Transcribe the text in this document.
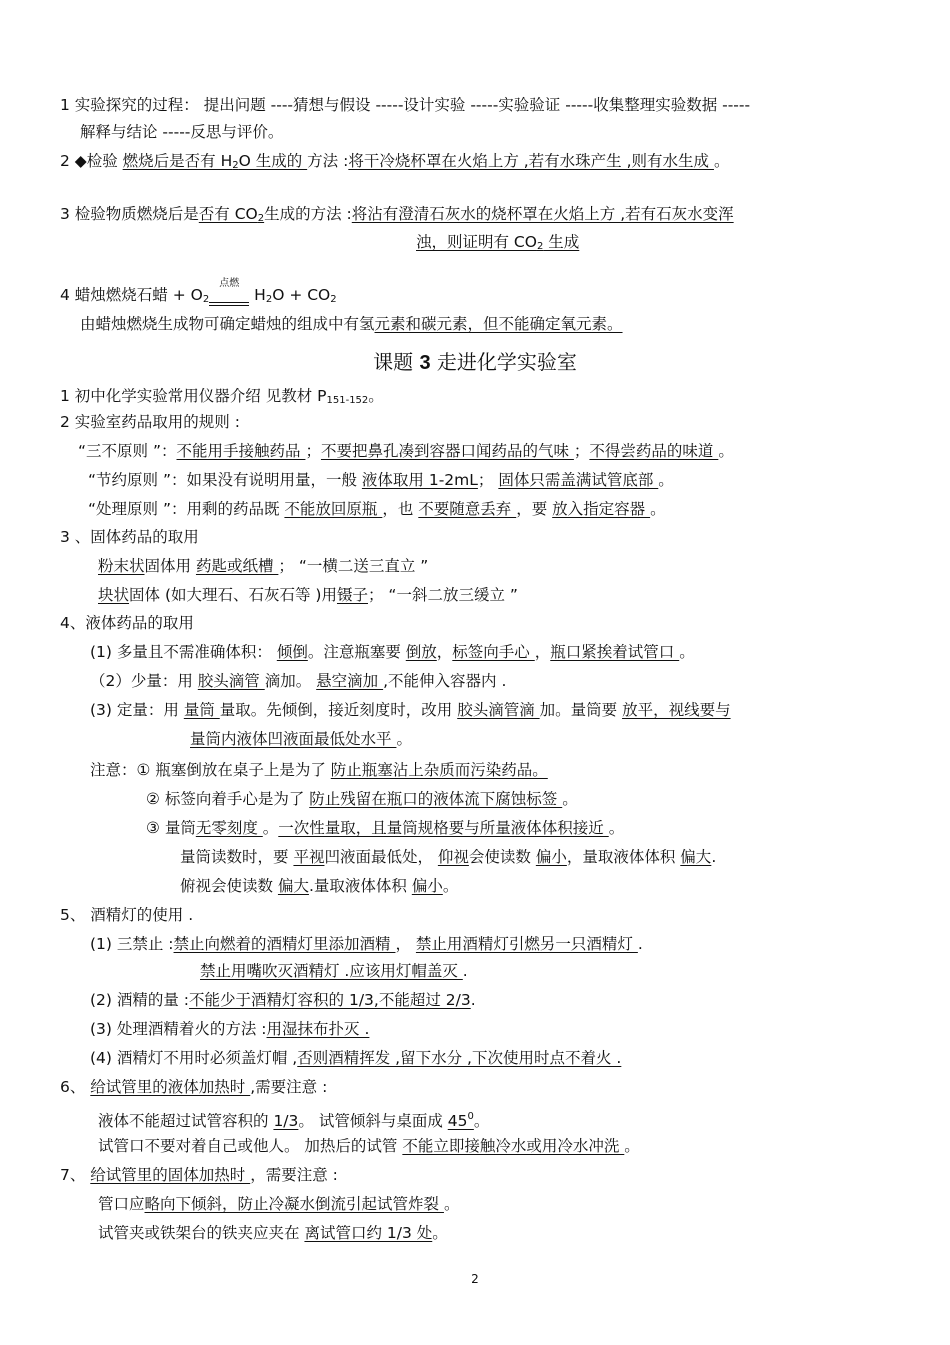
1 实验探究的过程： 提出问题 ----猜想与假设 -----设计实验 -----实验验证 -----收集整理实验数据 -----
解释与结论 -----反思与评价。
2 ◆检验 燃烧后是否有 $H_2O$ 生成的 方法 :将干冷烧杯罩在火焰上方 ,若有水珠产生 ,则有水生成 。
3 检验物质燃烧后是否有 $CO_2$生成的方法 :将沾有澄清石灰水的烧杯罩在火焰上方 ,若有石灰水变浑
浊，则证明有 $CO_2$ 生成
4 蜡烛燃烧石蜡 + $O_2$
点燃
$H_2O + CO_2$
由蜡烛燃烧生成物可确定蜡烛的组成中有氢元素和碳元素，但不能确定氧元素。
课题 3 走进化学实验室
1 初中化学实验常用仪器介绍 见教材 $P_{151-152}$。
2 实验室药品取用的规则 :
“三不原则 ”：不能用手接触药品 ；不要把鼻孔凑到容器口闻药品的气味 ；不得尝药品的味道 。
“节约原则 ”：如果没有说明用量，一般 液体取用 1-2mL； 固体只需盖满试管底部 。
“处理原则 ”：用剩的药品既 不能放回原瓶 ，也 不要随意丢弃 ，要 放入指定容器 。
3 、固体药品的取用
粉末状固体用 药匙或纸槽 ； “一横二送三直立 ”
块状固体 (如大理石、石灰石等 )用镊子； “一斜二放三缓立 ”
4、液体药品的取用
(1) 多量且不需准确体积： 倾倒。注意瓶塞要 倒放，标签向手心 ，瓶口紧挨着试管口 。
（2）少量：用 胶头滴管 滴加。 悬空滴加 ,不能伸入容器内 .
(3) 定量：用 量筒 量取。先倾倒，接近刻度时，改用 胶头滴管滴 加。量筒要 放平，视线要与
量筒内液体凹液面最低处水平 。
注意：① 瓶塞倒放在桌子上是为了 防止瓶塞沾上杂质而污染药品。
② 标签向着手心是为了 防止残留在瓶口的液体流下腐蚀标签 。
③ 量筒无零刻度 。一次性量取，且量筒规格要与所量液体体积接近 。
量筒读数时，要 平视凹液面最低处， 仰视会使读数 偏小，量取液体体积 偏大.
俯视会使读数 偏大.量取液体体积 偏小。
5、 酒精灯的使用 .
(1) 三禁止 :禁止向燃着的酒精灯里添加酒精 ， 禁止用酒精灯引燃另一只酒精灯 .
禁止用嘴吹灭酒精灯 .应该用灯帽盖灭 .
(2) 酒精的量 :不能少于酒精灯容积的 1/3,不能超过 2/3.
(3) 处理酒精着火的方法 :用湿抹布扑灭 .
(4) 酒精灯不用时必须盖灯帽 ,否则酒精挥发 ,留下水分 ,下次使用时点不着火 .
6、 给试管里的液体加热时 ,需要注意 :
液体不能超过试管容积的 1/3。 试管倾斜与桌面成 $45^0$。
试管口不要对着自己或他人。 加热后的试管 不能立即接触冷水或用冷水冲洗 。
7、 给试管里的固体加热时 ，需要注意 :
管口应略向下倾斜，防止冷凝水倒流引起试管炸裂 。
试管夹或铁架台的铁夹应夹在 离试管口约 1/3 处。
2
